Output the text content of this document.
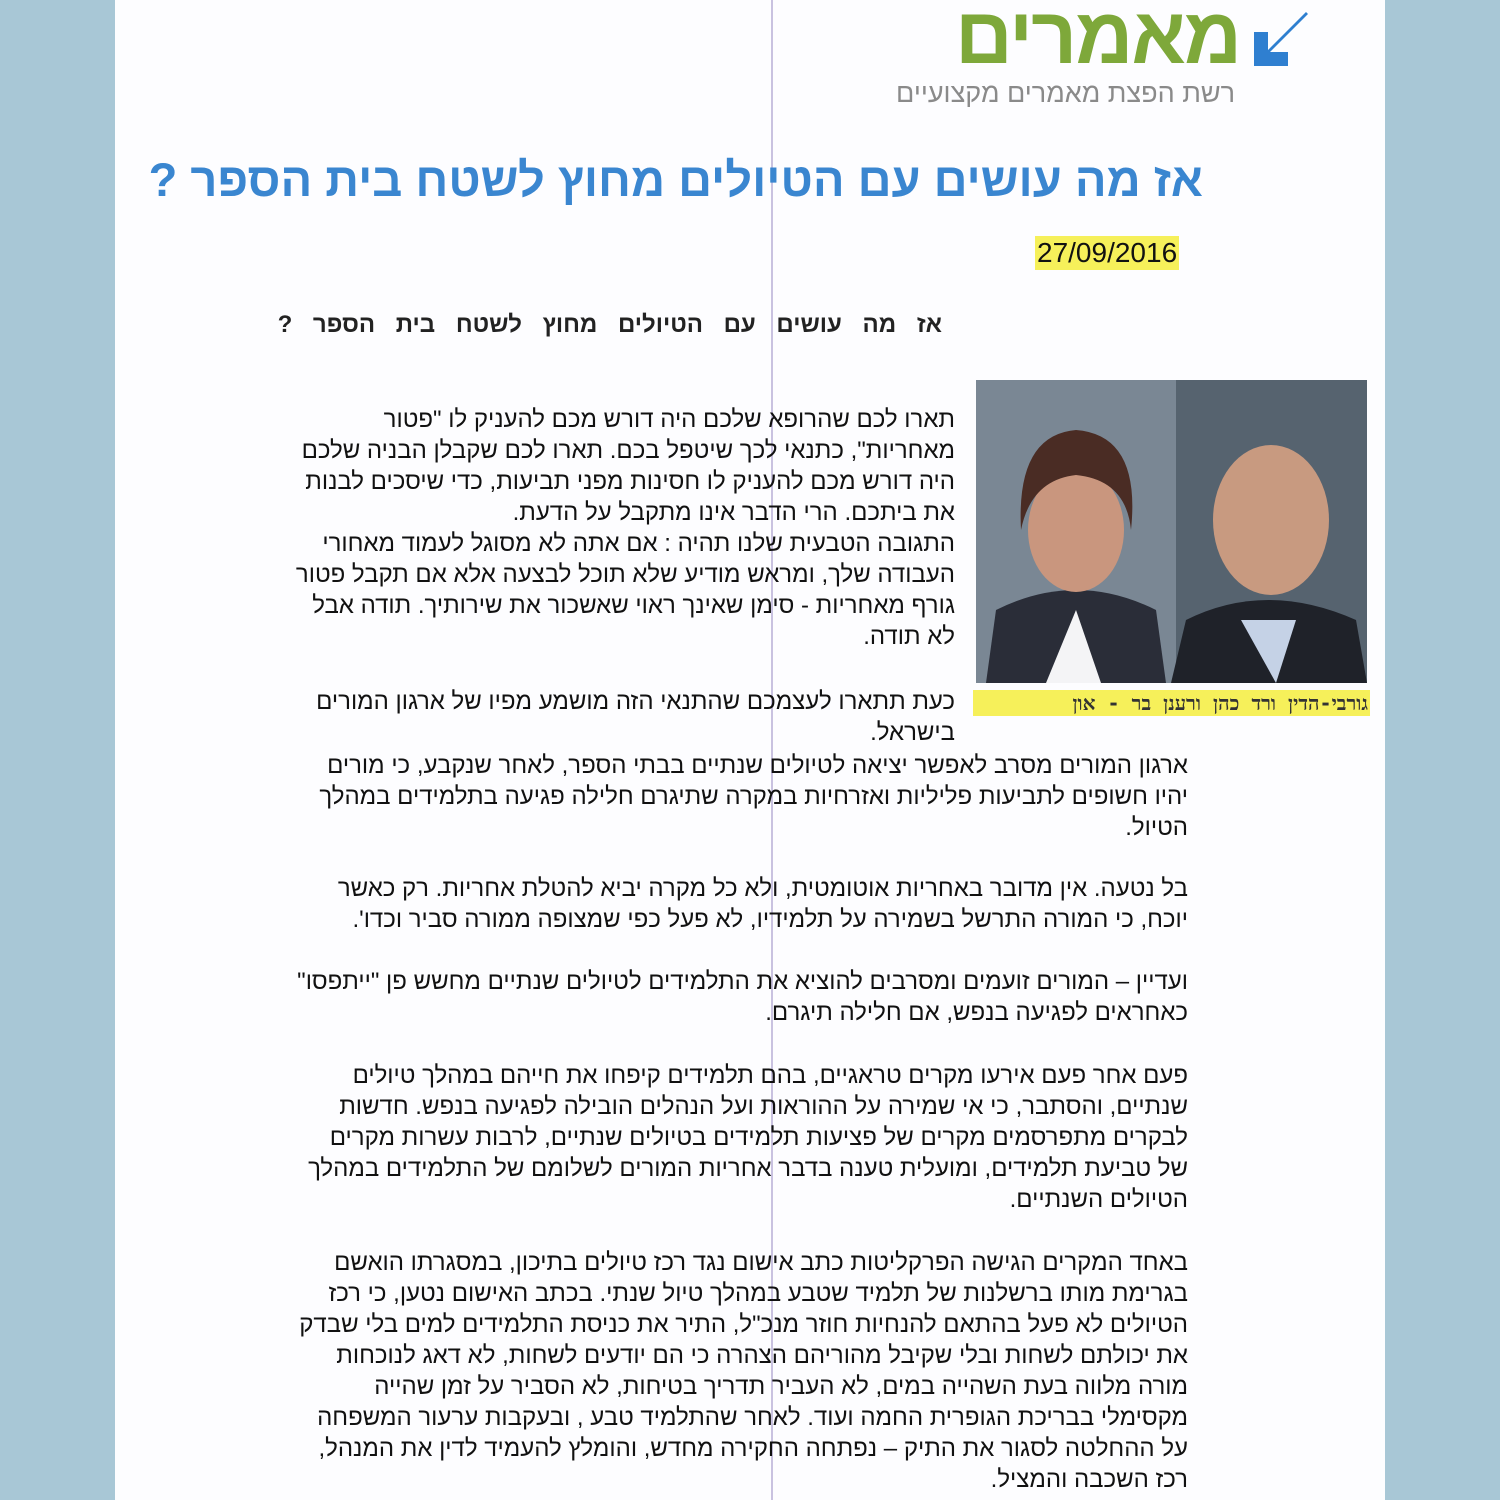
מאמרים
רשת הפצת מאמרים מקצועיים
אז מה עושים עם הטיולים מחוץ לשטח בית הספר ?
27/09/2016
אז מה עושים עם הטיולים מחוץ לשטח בית הספר ?
גורבי-הדין ורד כהן ורענן בר - און
תארו לכם שהרופא שלכם היה דורש מכם להעניק לו "פטור
מאחריות", כתנאי לכך שיטפל בכם. תארו לכם שקבלן הבניה שלכם
היה דורש מכם להעניק לו חסינות מפני תביעות, כדי שיסכים לבנות
את ביתכם. הרי הדבר אינו מתקבל על הדעת.
התגובה הטבעית שלנו תהיה : אם אתה לא מסוגל לעמוד מאחורי
העבודה שלך, ומראש מודיע שלא תוכל לבצעה אלא אם תקבל פטור
גורף מאחריות - סימן שאינך ראוי שאשכור את שירותיך. תודה אבל
לא תודה.
כעת תתארו לעצמכם שהתנאי הזה מושמע מפיו של ארגון המורים
בישראל.
ארגון המורים מסרב לאפשר יציאה לטיולים שנתיים בבתי הספר, לאחר שנקבע, כי מורים
יהיו חשופים לתביעות פליליות ואזרחיות במקרה שתיגרם חלילה פגיעה בתלמידים במהלך
הטיול.
בל נטעה. אין מדובר באחריות אוטומטית, ולא כל מקרה יביא להטלת אחריות. רק כאשר
יוכח, כי המורה התרשל בשמירה על תלמידיו, לא פעל כפי שמצופה ממורה סביר וכדו'.
ועדיין – המורים זועמים ומסרבים להוציא את התלמידים לטיולים שנתיים מחשש פן "ייתפסו"
כאחראים לפגיעה בנפש, אם חלילה תיגרם.
פעם אחר פעם אירעו מקרים טראגיים, בהם תלמידים קיפחו את חייהם במהלך טיולים
שנתיים, והסתבר, כי אי שמירה על ההוראות ועל הנהלים הובילה לפגיעה בנפש. חדשות
לבקרים מתפרסמים מקרים של פציעות תלמידים בטיולים שנתיים, לרבות עשרות מקרים
של טביעת תלמידים, ומועלית טענה בדבר אחריות המורים לשלומם של התלמידים במהלך
הטיולים השנתיים.
באחד המקרים הגישה הפרקליטות כתב אישום נגד רכז טיולים בתיכון, במסגרתו הואשם
בגרימת מותו ברשלנות של תלמיד שטבע במהלך טיול שנתי. בכתב האישום נטען, כי רכז
הטיולים לא פעל בהתאם להנחיות חוזר מנכ"ל, התיר את כניסת התלמידים למים בלי שבדק
את יכולתם לשחות ובלי שקיבל מהוריהם הצהרה כי הם יודעים לשחות, לא דאג לנוכחות
מורה מלווה בעת השהייה במים, לא העביר תדריך בטיחות, לא הסביר על זמן שהייה
מקסימלי בבריכת הגופרית החמה ועוד. לאחר שהתלמיד טבע , ובעקבות ערעור המשפחה
על ההחלטה לסגור את התיק – נפתחה החקירה מחדש, והומלץ להעמיד לדין את המנהל,
רכז השכבה והמציל.
